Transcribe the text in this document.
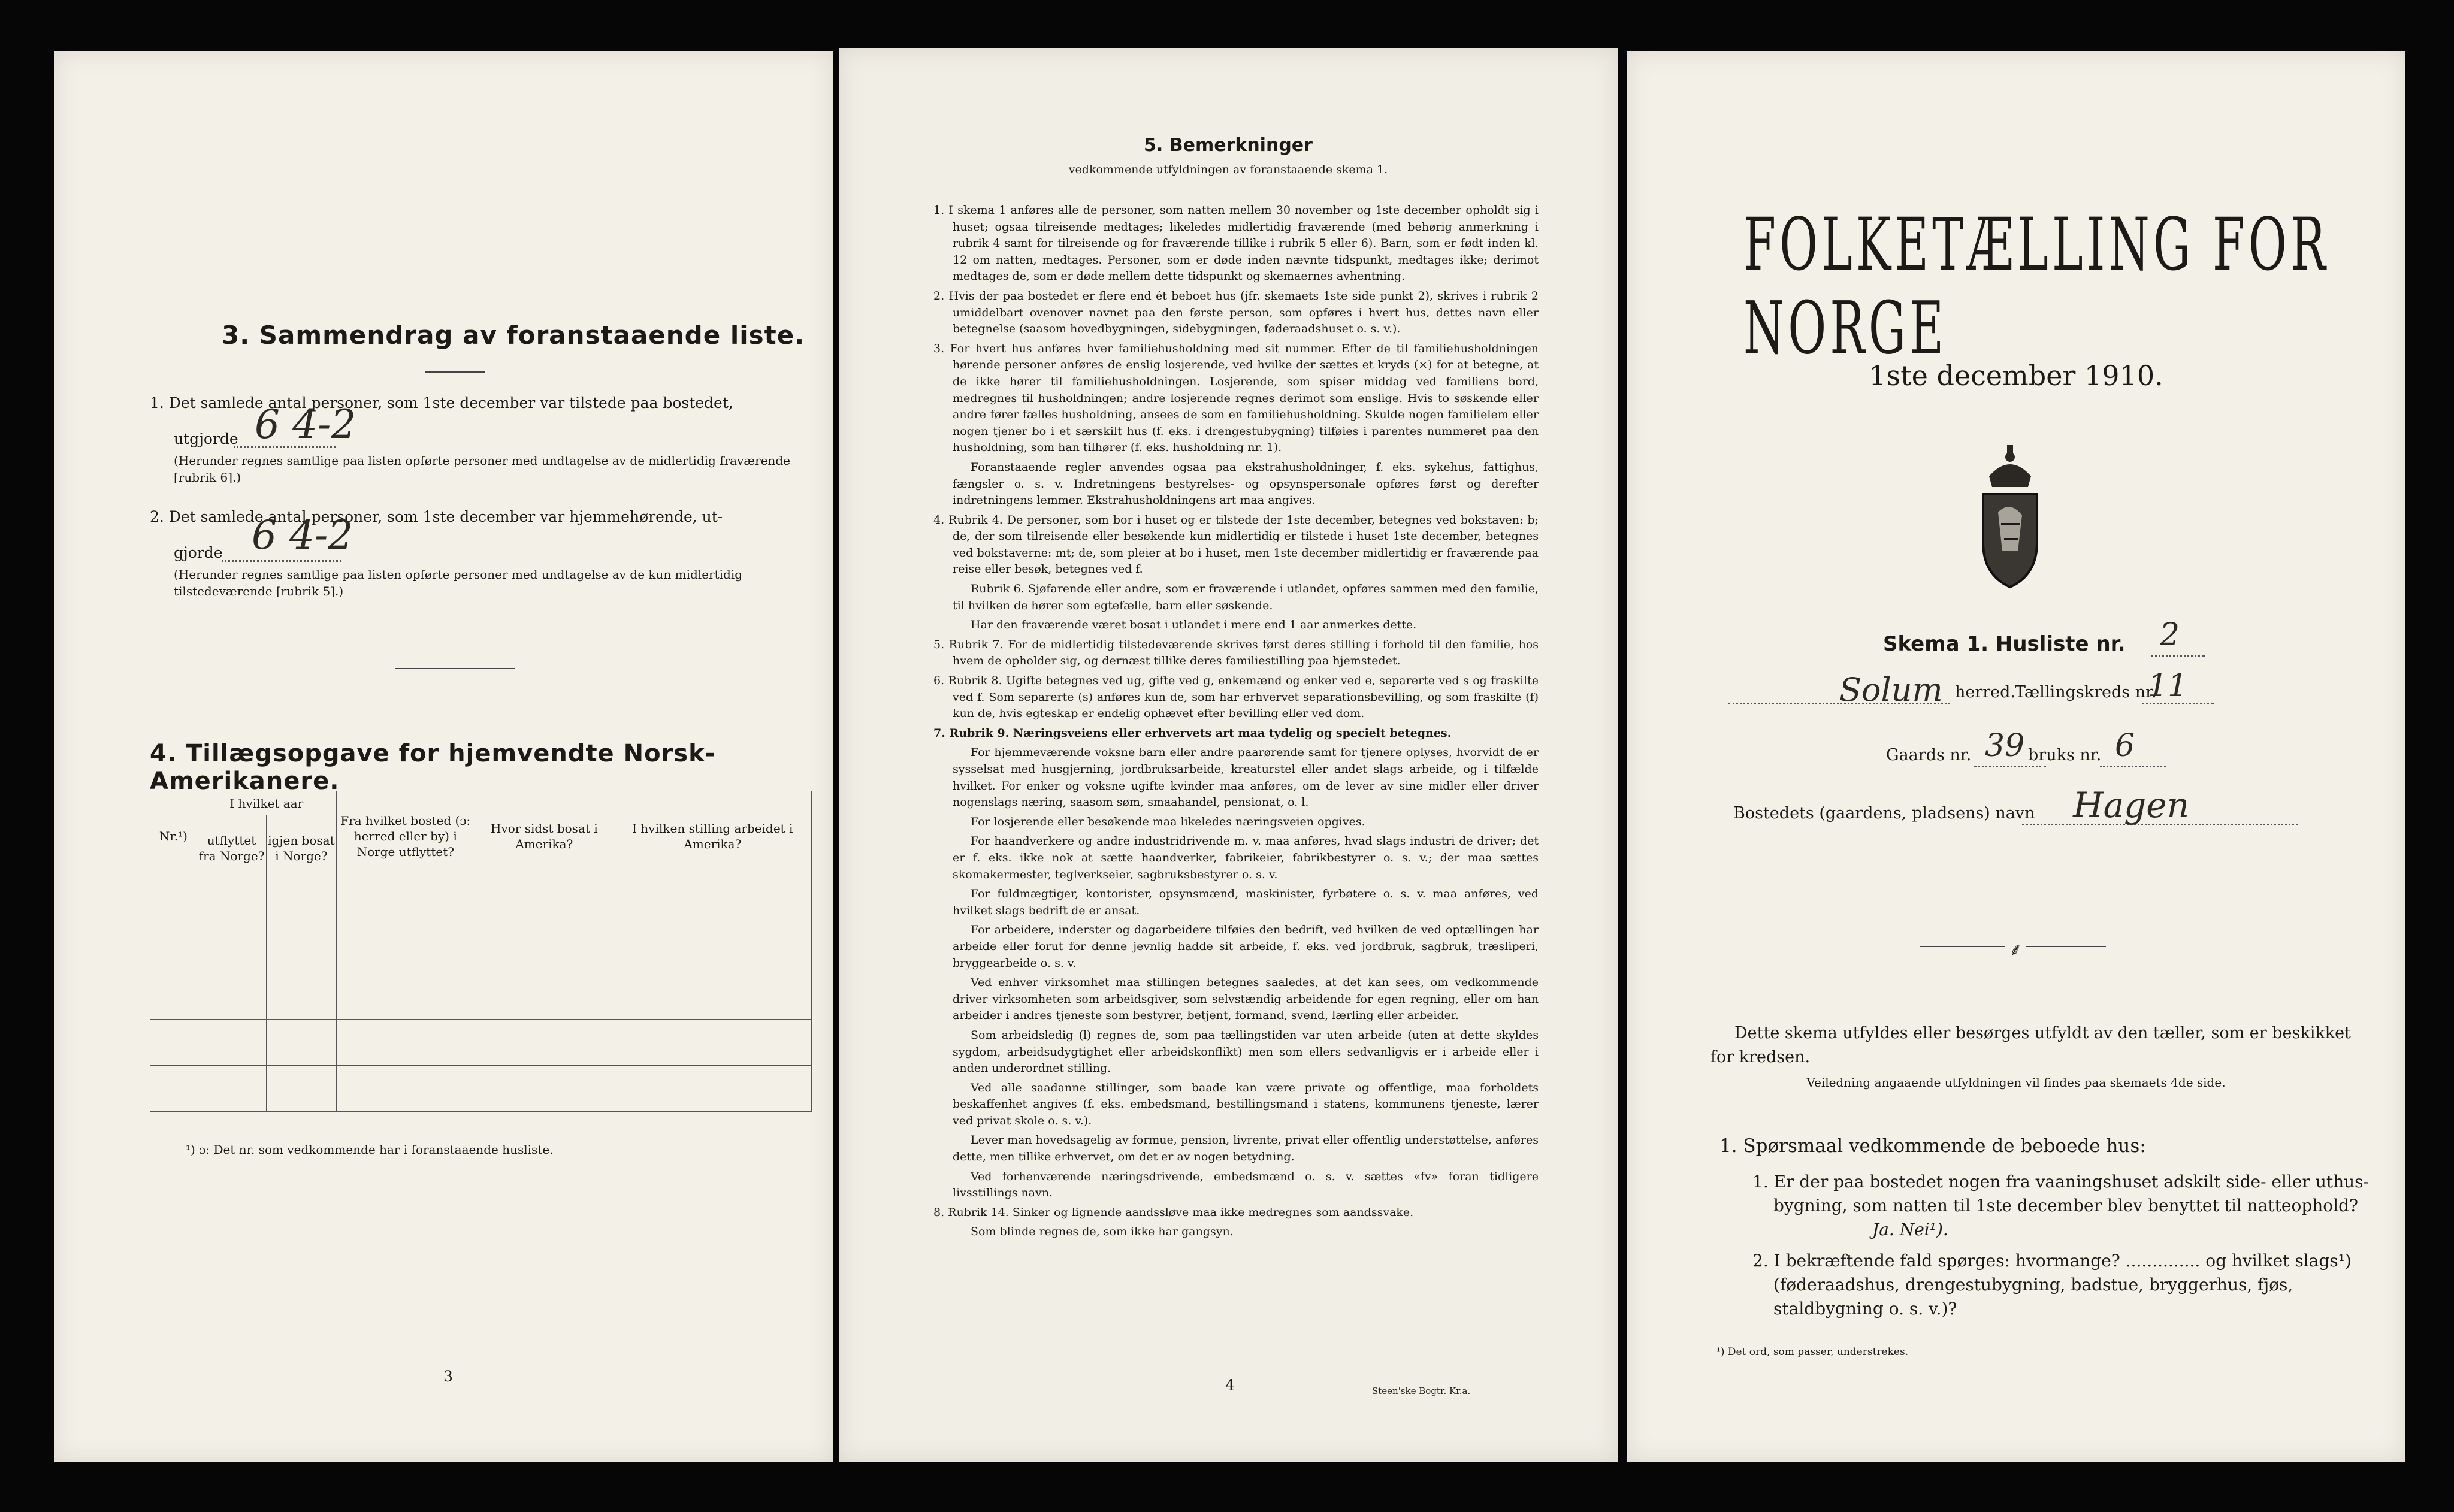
3. Sammendrag av foranstaaende liste.
1. Det samlede antal personer, som 1ste december var tilstede paa bostedet,
utgjorde 6 4-2
(Herunder regnes samtlige paa listen opførte personer med undtagelse av de midlertidig fraværende [rubrik 6].)
2. Det samlede antal personer, som 1ste december var hjemmehørende, ut-
gjorde 6 4-2
(Herunder regnes samtlige paa listen opførte personer med undtagelse av de kun midlertidig tilstedeværende [rubrik 5].)
4. Tillægsopgave for hjemvendte Norsk-Amerikanere.
Nr.¹)	I hvilket aar		Fra hvilket bosted (ɔ: herred eller by) i Norge utflyttet?	Hvor sidst bosat i Amerika?	I hvilken stilling arbeidet i Amerika?
	utflyttet fra Norge?	igjen bosat i Norge?			

¹) ɔ: Det nr. som vedkommende har i foranstaaende husliste.
3
5. Bemerkninger
vedkommende utfyldningen av foranstaaende skema 1.
1. I skema 1 anføres alle de personer, som natten mellem 30 november og 1ste december opholdt sig i huset; ogsaa tilreisende medtages; likeledes midlertidig fraværende (med behørig anmerkning i rubrik 4 samt for tilreisende og for fraværende tillike i rubrik 5 eller 6). Barn, som er født inden kl. 12 om natten, medtages. Personer, som er døde inden nævnte tidspunkt, medtages ikke; derimot medtages de, som er døde mellem dette tidspunkt og skemaernes avhentning.
2. Hvis der paa bostedet er flere end ét beboet hus (jfr. skemaets 1ste side punkt 2), skrives i rubrik 2 umiddelbart ovenover navnet paa den første person, som opføres i hvert hus, dettes navn eller betegnelse (saasom hovedbygningen, sidebygningen, føderaadshuset o. s. v.).
3. For hvert hus anføres hver familiehusholdning med sit nummer. Efter de til familiehusholdningen hørende personer anføres de enslig losjerende, ved hvilke der sættes et kryds (×) for at betegne, at de ikke hører til familiehusholdningen. Losjerende, som spiser middag ved familiens bord, medregnes til husholdningen; andre losjerende regnes derimot som enslige. Hvis to søskende eller andre fører fælles husholdning, ansees de som en familiehusholdning. Skulde nogen familielem eller nogen tjener bo i et særskilt hus (f. eks. i drengestubygning) tilføies i parentes nummeret paa den husholdning, som han tilhører (f. eks. husholdning nr. 1).
Foranstaaende regler anvendes ogsaa paa ekstrahusholdninger, f. eks. sykehus, fattighus, fængsler o. s. v. Indretningens bestyrelses- og opsynspersonale opføres først og derefter indretningens lemmer. Ekstrahusholdningens art maa angives.
4. Rubrik 4. De personer, som bor i huset og er tilstede der 1ste december, betegnes ved bokstaven: b; de, der som tilreisende eller besøkende kun midlertidig er tilstede i huset 1ste december, betegnes ved bokstaverne: mt; de, som pleier at bo i huset, men 1ste december midlertidig er fraværende paa reise eller besøk, betegnes ved f.
Rubrik 6. Sjøfarende eller andre, som er fraværende i utlandet, opføres sammen med den familie, til hvilken de hører som egtefælle, barn eller søskende.
Har den fraværende været bosat i utlandet i mere end 1 aar anmerkes dette.
5. Rubrik 7. For de midlertidig tilstedeværende skrives først deres stilling i forhold til den familie, hos hvem de opholder sig, og dernæst tillike deres familiestilling paa hjemstedet.
6. Rubrik 8. Ugifte betegnes ved ug, gifte ved g, enkemænd og enker ved e, separerte ved s og fraskilte ved f. Som separerte (s) anføres kun de, som har erhvervet separationsbevilling, og som fraskilte (f) kun de, hvis egteskap er endelig ophævet efter bevilling eller ved dom.
7. Rubrik 9. Næringsveiens eller erhvervets art maa tydelig og specielt betegnes.
For hjemmeværende voksne barn eller andre paarørende samt for tjenere oplyses, hvorvidt de er sysselsat med husgjerning, jordbruksarbeide, kreaturstel eller andet slags arbeide, og i tilfælde hvilket. For enker og voksne ugifte kvinder maa anføres, om de lever av sine midler eller driver nogenslags næring, saasom søm, smaahandel, pensionat, o. l.
For losjerende eller besøkende maa likeledes næringsveien opgives.
For haandverkere og andre industridrivende m. v. maa anføres, hvad slags industri de driver; det er f. eks. ikke nok at sætte haandverker, fabrikeier, fabrikbestyrer o. s. v.; der maa sættes skomakermester, teglverkseier, sagbruksbestyrer o. s. v.
For fuldmægtiger, kontorister, opsynsmænd, maskinister, fyrbøtere o. s. v. maa anføres, ved hvilket slags bedrift de er ansat.
For arbeidere, inderster og dagarbeidere tilføies den bedrift, ved hvilken de ved optællingen har arbeide eller forut for denne jevnlig hadde sit arbeide, f. eks. ved jordbruk, sagbruk, træsliperi, bryggearbeide o. s. v.
Ved enhver virksomhet maa stillingen betegnes saaledes, at det kan sees, om vedkommende driver virksomheten som arbeidsgiver, som selvstændig arbeidende for egen regning, eller om han arbeider i andres tjeneste som bestyrer, betjent, formand, svend, lærling eller arbeider.
Som arbeidsledig (l) regnes de, som paa tællingstiden var uten arbeide (uten at dette skyldes sygdom, arbeidsudygtighet eller arbeidskonflikt) men som ellers sedvanligvis er i arbeide eller i anden underordnet stilling.
Ved alle saadanne stillinger, som baade kan være private og offentlige, maa forholdets beskaffenhet angives (f. eks. embedsmand, bestillingsmand i statens, kommunens tjeneste, lærer ved privat skole o. s. v.).
Lever man hovedsagelig av formue, pension, livrente, privat eller offentlig understøttelse, anføres dette, men tillike erhvervet, om det er av nogen betydning.
Ved forhenværende næringsdrivende, embedsmænd o. s. v. sættes «fv» foran tidligere livsstillings navn.
8. Rubrik 14. Sinker og lignende aandssløve maa ikke medregnes som aandssvake.
Som blinde regnes de, som ikke har gangsyn.
4	Steen'ske Bogtr. Kr.a.
FOLKETÆLLING FOR NORGE
1ste december 1910.
Skema 1. Husliste nr. 2
Solum herred.
Tællingskreds nr.
11
Gaards nr. 39 bruks nr. 6
Bostedets (gaardens, pladsens) navn Hagen
⸙
Dette skema utfyldes eller besørges utfyldt av den tæller, som er beskikket for kredsen.
Veiledning angaaende utfyldningen vil findes paa skemaets 4de side.
1. Spørsmaal vedkommende de beboede hus:
1. Er der paa bostedet nogen fra vaaningshuset adskilt side- eller uthus-bygning, som natten til 1ste december blev benyttet til natteophold?
Ja. Nei¹).
2. I bekræftende fald spørges: hvormange? .............. og hvilket slags¹) (føderaadshus, drengestubygning, badstue, bryggerhus, fjøs, staldbygning o. s. v.)?
¹) Det ord, som passer, understrekes.
